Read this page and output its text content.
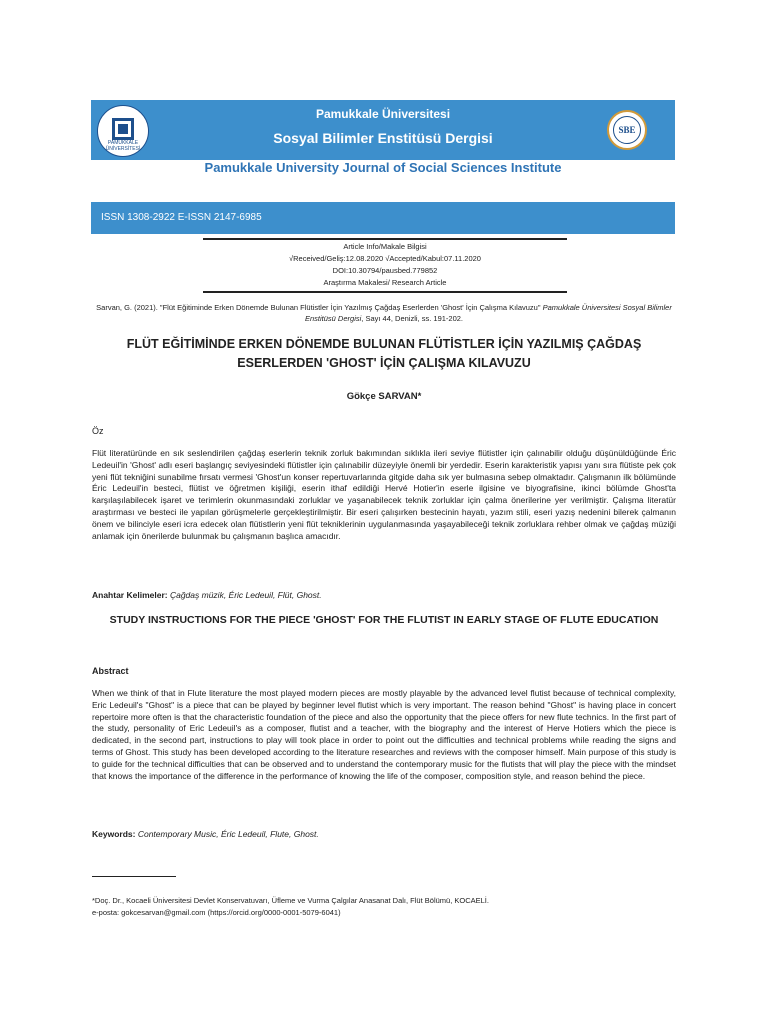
PAMUKKALE ÜNİVERSİTESİ
Pamukkale Üniversitesi
Sosyal Bilimler Enstitüsü Dergisi	SBE
Pamukkale University Journal of Social Sciences Institute
ISSN 1308-2922 E-ISSN 2147-6985
Article Info/Makale Bilgisi
√Received/Geliş:12.08.2020 √Accepted/Kabul:07.11.2020
DOI:10.30794/pausbed.779852
Araştırma Makalesi/ Research Article
Sarvan, G. (2021). "Flüt Eğitiminde Erken Dönemde Bulunan Flütistler İçin Yazılmış Çağdaş Eserlerden 'Ghost' İçin Çalışma Kılavuzu" Pamukkale Üniversitesi Sosyal Bilimler Enstitüsü Dergisi, Sayı 44, Denizli, ss. 191-202.
FLÜT EĞİTİMİNDE ERKEN DÖNEMDE BULUNAN FLÜTİSTLER İÇİN YAZILMIŞ ÇAĞDAŞ ESERLERDEN 'GHOST' İÇİN ÇALIŞMA KILAVUZU
Gökçe SARVAN*
Öz
Flüt literatüründe en sık seslendirilen çağdaş eserlerin teknik zorluk bakımından sıklıkla ileri seviye flütistler için çalınabilir olduğu düşünüldüğünde Éric Ledeuil'in 'Ghost' adlı eseri başlangıç seviyesindeki flütistler için çalınabilir düzeyiyle önemli bir yerdedir. Eserin karakteristik yapısı yanı sıra flütiste pek çok yeni flüt tekniğini sunabilme fırsatı vermesi 'Ghost'un konser repertuvarlarında gitgide daha sık yer bulmasına sebep olmaktadır. Çalışmanın ilk bölümünde Éric Ledeuil'in besteci, flütist ve öğretmen kişiliği, eserin ithaf edildiği Hervé Hotier'in eserle ilgisine ve biyografisine, ikinci bölümde Ghost'ta karşılaşılabilecek işaret ve terimlerin okunmasındaki zorluklar ve yaşanabilecek teknik zorluklar için çalma önerilerine yer verilmiştir. Çalışma literatür araştırması ve besteci ile yapılan görüşmelerle gerçekleştirilmiştir. Bir eseri çalışırken bestecinin hayatı, yazım stili, eseri yazış nedenini bilerek çalmanın önem ve bilinciyle eseri icra edecek olan flütistlerin yeni flüt tekniklerinin uygulanmasında yaşayabileceği teknik zorluklara rehber olmak ve çağdaş müziği anlamak için önerilerde bulunmak bu çalışmanın başlıca amacıdır.
Anahtar Kelimeler: Çağdaş müzik, Éric Ledeuil, Flüt, Ghost.
STUDY INSTRUCTIONS FOR THE PIECE 'GHOST' FOR THE FLUTIST IN EARLY STAGE OF FLUTE EDUCATION
Abstract
When we think of that in Flute literature the most played modern pieces are mostly playable by the advanced level flutist because of technical complexity, Eric Ledeuil's "Ghost" is a piece that can be played by beginner level flutist which is very important. The reason behind "Ghost" is having place in concert repertoire more often is that the characteristic foundation of the piece and also the opportunity that the piece offers for new flute technics. In the first part of the study, personality of Eric Ledeuil's as a composer, flutist and a teacher, with the biography and the interest of Herve Hotiers which the piece is dedicated, in the second part, instructions to play will took place in order to point out the difficulties and technical problems while reading the signs and terms of Ghost. This study has been developed according to the literature researches and reviews with the composer himself. Main purpose of this study is to guide for the technical difficulties that can be observed and to understand the contemporary music for the flutists that will play the piece with the mindset that knows the importance of the difference in the performance of knowing the life of the composer, composition style, and reason behind the piece.
Keywords: Contemporary Music, Éric Ledeuil, Flute, Ghost.
*Doç. Dr., Kocaeli Üniversitesi Devlet Konservatuvarı, Üfleme ve Vurma Çalgılar Anasanat Dalı, Flüt Bölümü, KOCAELİ.
e-posta: gokcesarvan@gmail.com (https://orcid.org/0000-0001-5079-6041)
